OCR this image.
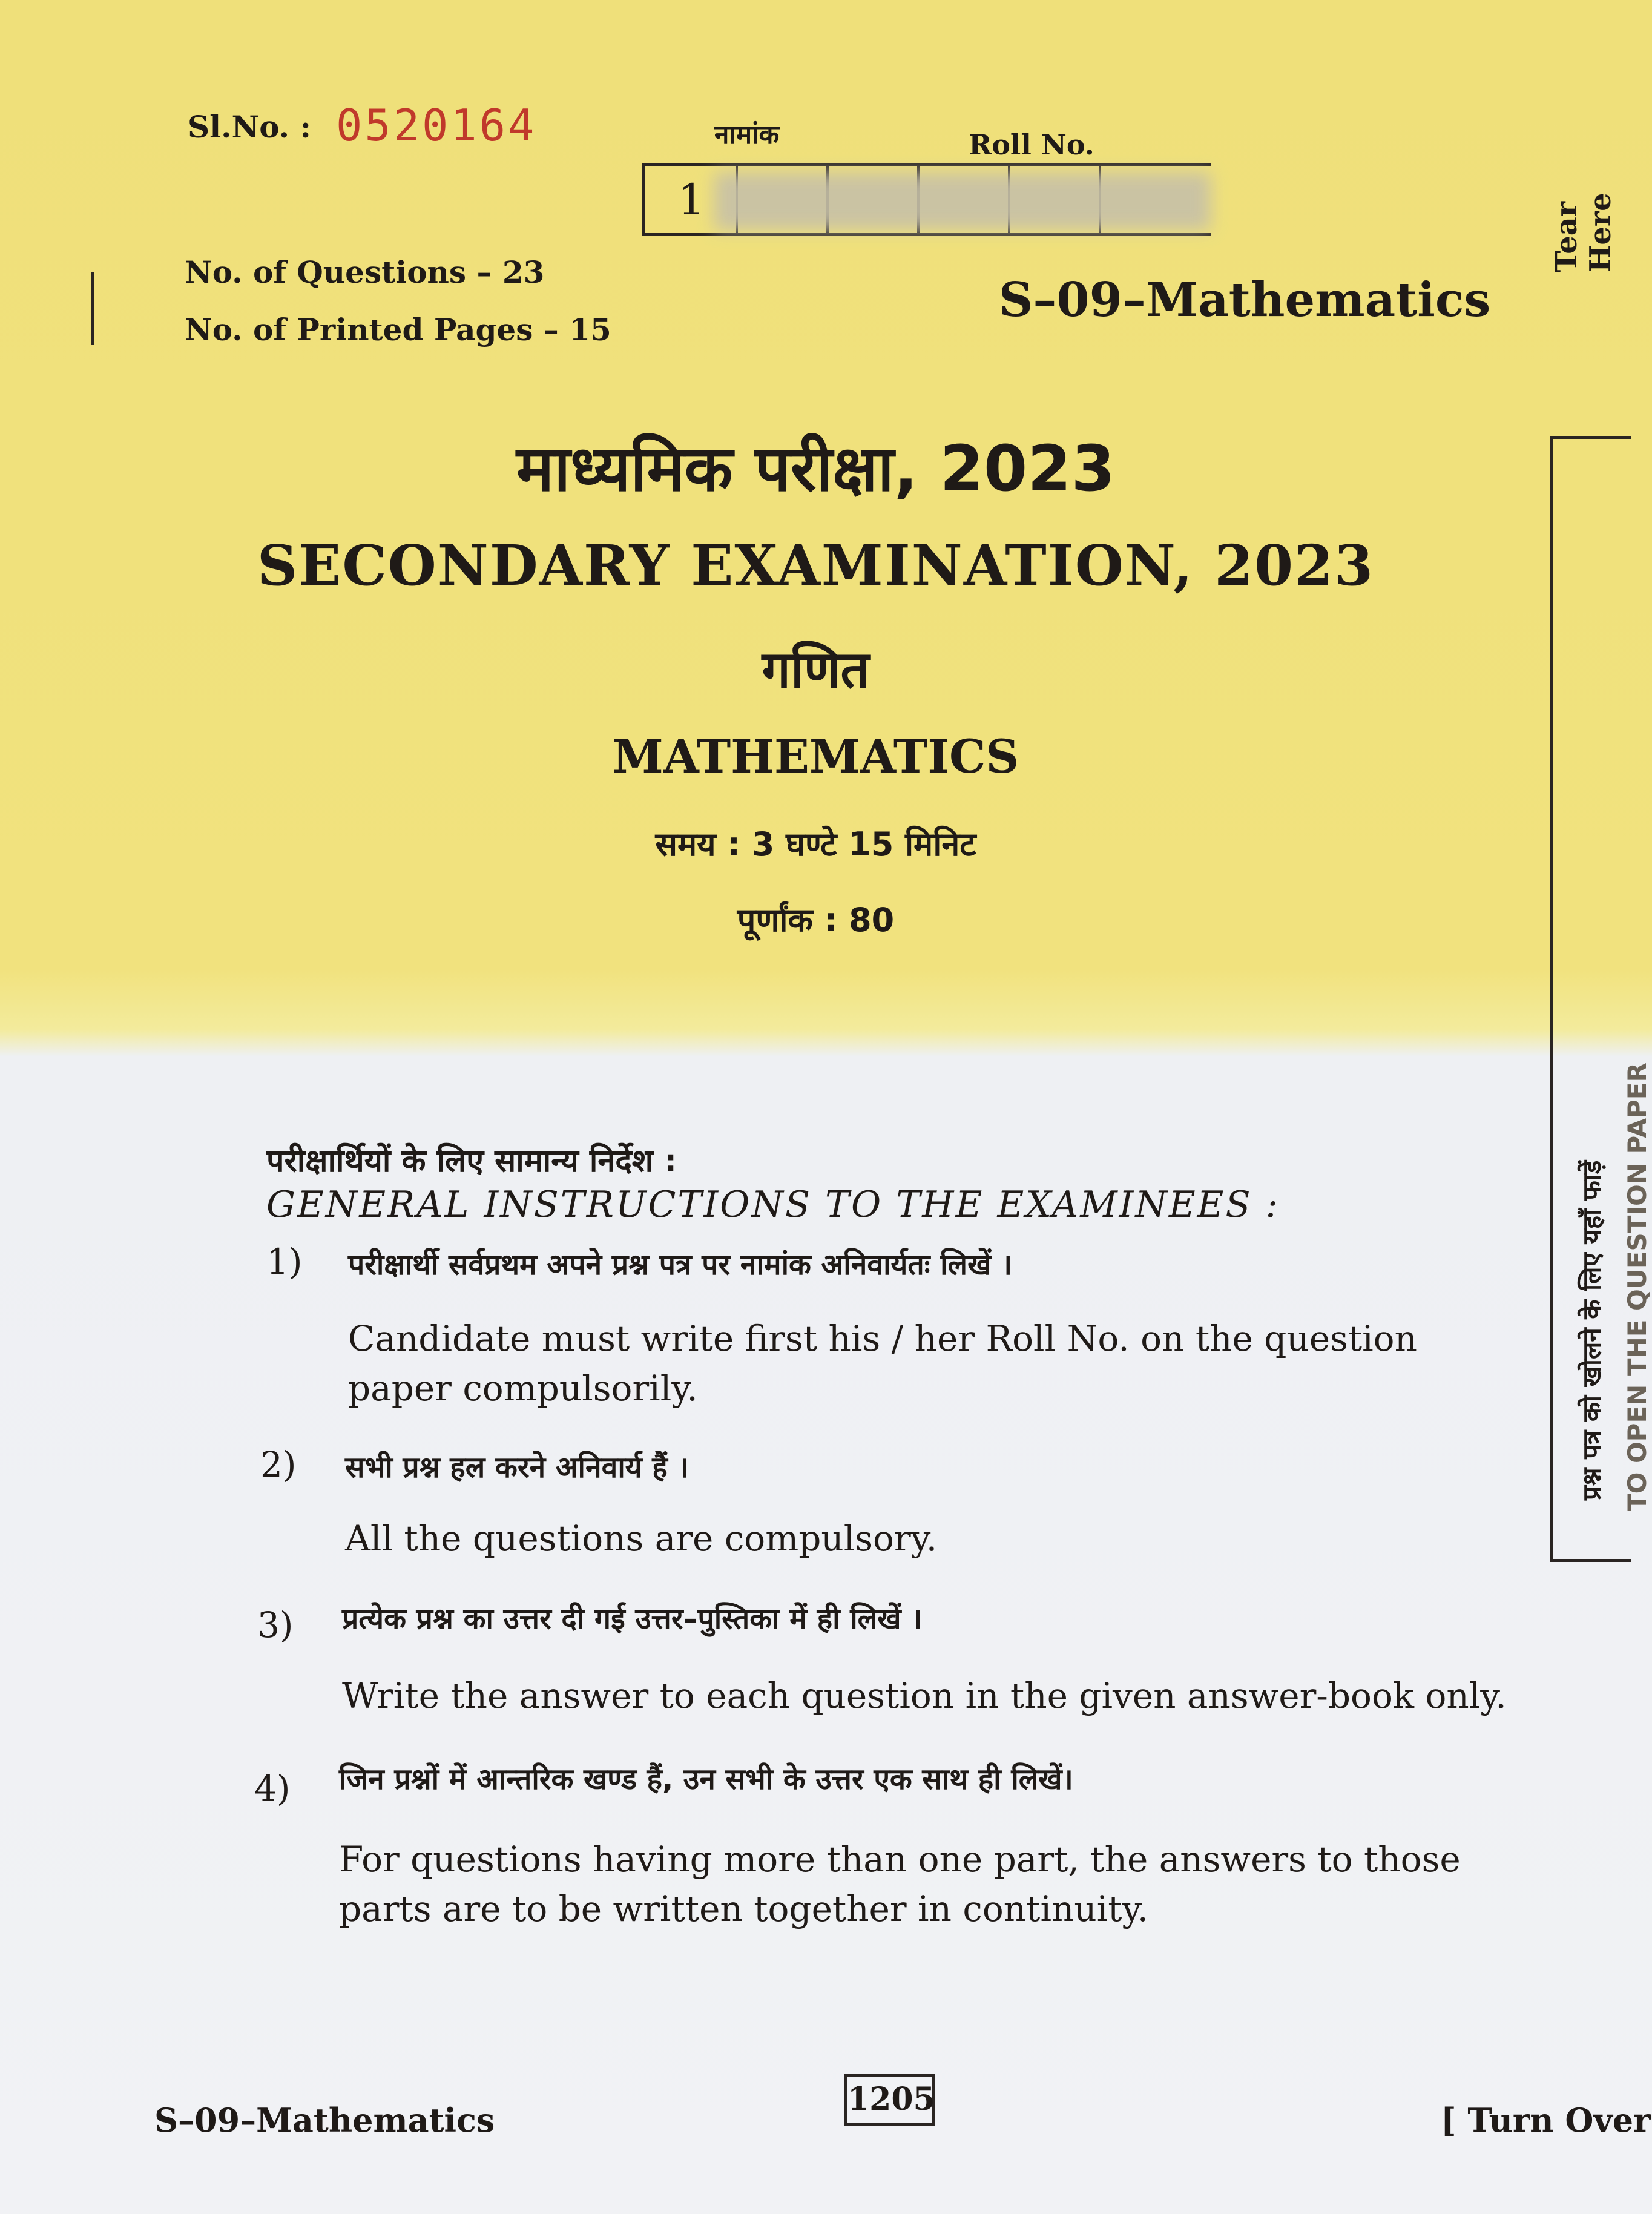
Sl.No. : 0520164	नामांक	Roll No.
1
No. of Questions – 23
No. of Printed Pages – 15
S–09–Mathematics
Tear Here
प्रश्न पत्र को खोलने के लिए यहाँ फाड़ें TO OPEN THE QUESTION PAPER
माध्यमिक परीक्षा, 2023
SECONDARY EXAMINATION, 2023
गणित
MATHEMATICS
समय : 3 घण्टे 15 मिनिट
पूर्णांक : 80
परीक्षार्थियों के लिए सामान्य निर्देश :
GENERAL INSTRUCTIONS TO THE EXAMINEES :
1) परीक्षार्थी सर्वप्रथम अपने प्रश्न पत्र पर नामांक अनिवार्यतः लिखें ।
Candidate must write first his / her Roll No. on the question paper compulsorily.
2) सभी प्रश्न हल करने अनिवार्य हैं ।
All the questions are compulsory.
3) प्रत्येक प्रश्न का उत्तर दी गई उत्तर–पुस्तिका में ही लिखें ।
Write the answer to each question in the given answer-book only.
4) जिन प्रश्नों में आन्तरिक खण्ड हैं, उन सभी के उत्तर एक साथ ही लिखें।
For questions having more than one part, the answers to those parts are to be written together in continuity.
S–09–Mathematics
1205
[ Turn Over
